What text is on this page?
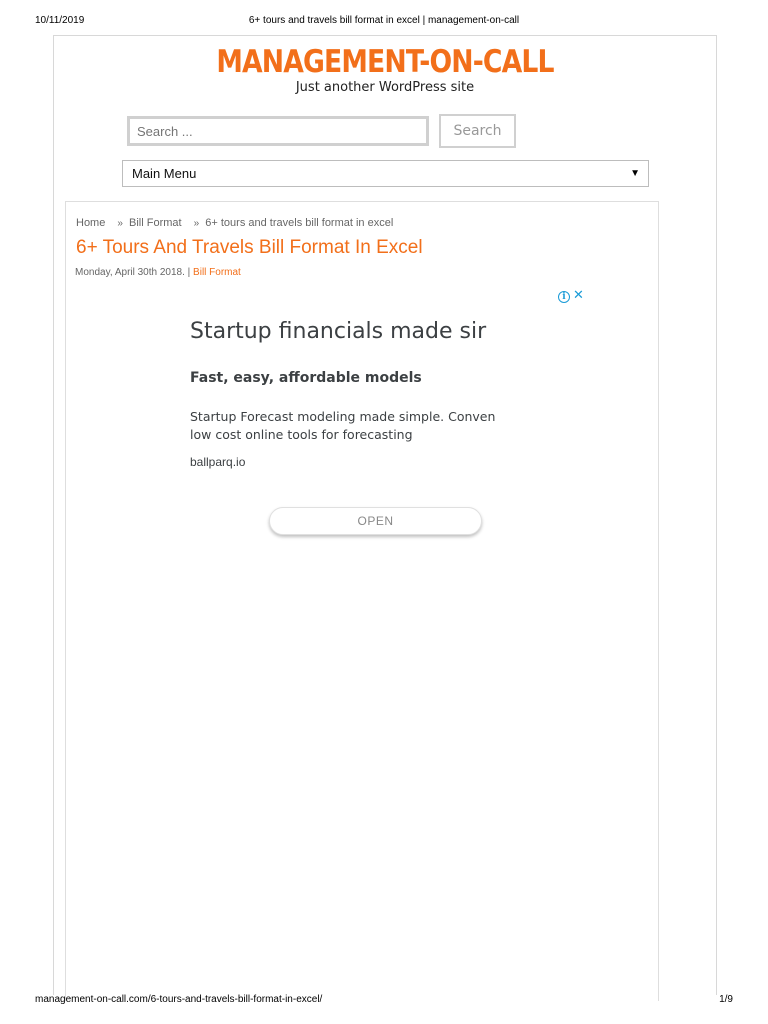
10/11/2019	6+ tours and travels bill format in excel | management-on-call
MANAGEMENT-ON-CALL
Just another WordPress site
Search ...
Search
Main Menu	▼
Home » Bill Format » 6+ tours and travels bill format in excel
6+ Tours And Travels Bill Format In Excel
Monday, April 30th 2018. | Bill Format
i ✕
Startup financials made sir
Fast, easy, affordable models
Startup Forecast modeling made simple. Conven
low cost online tools for forecasting
ballparq.io
OPEN
management-on-call.com/6-tours-and-travels-bill-format-in-excel/	1/9
